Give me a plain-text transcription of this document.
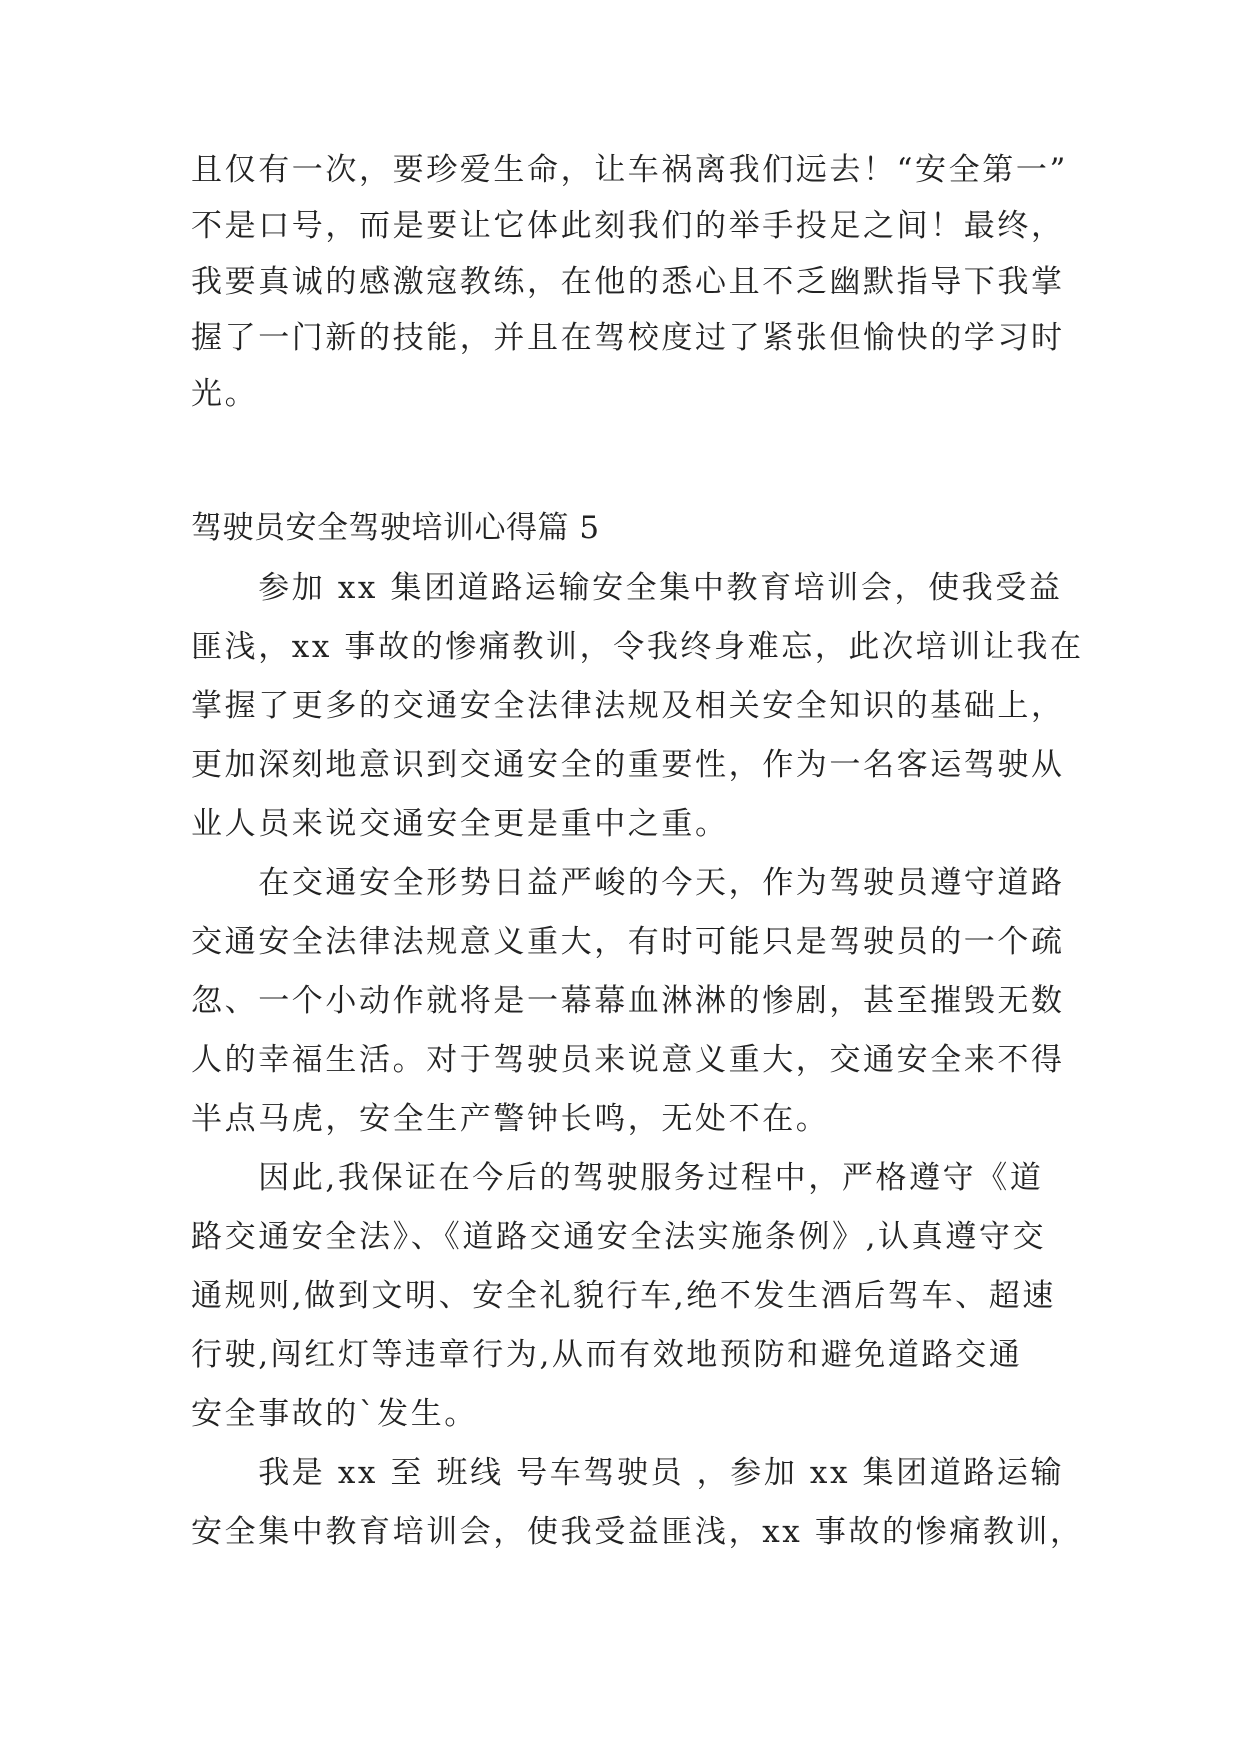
且仅有一次，要珍爱生命，让车祸离我们远去！“安全第一”
不是口号，而是要让它体此刻我们的举手投足之间！最终，
我要真诚的感激寇教练，在他的悉心且不乏幽默指导下我掌
握了一门新的技能，并且在驾校度过了紧张但愉快的学习时
光。
驾驶员安全驾驶培训心得篇 5
　　参加 xx 集团道路运输安全集中教育培训会，使我受益
匪浅，xx 事故的惨痛教训，令我终身难忘，此次培训让我在
掌握了更多的交通安全法律法规及相关安全知识的基础上，
更加深刻地意识到交通安全的重要性，作为一名客运驾驶从
业人员来说交通安全更是重中之重。
　　在交通安全形势日益严峻的今天，作为驾驶员遵守道路
交通安全法律法规意义重大，有时可能只是驾驶员的一个疏
忽、一个小动作就将是一幕幕血淋淋的惨剧，甚至摧毁无数
人的幸福生活。对于驾驶员来说意义重大，交通安全来不得
半点马虎，安全生产警钟长鸣，无处不在。
　　因此,我保证在今后的驾驶服务过程中，严格遵守《道
路交通安全法》、《道路交通安全法实施条例》,认真遵守交
通规则,做到文明、安全礼貌行车,绝不发生酒后驾车、超速
行驶,闯红灯等违章行为,从而有效地预防和避免道路交通
安全事故的`发生。
　　我是 xx 至 班线 号车驾驶员 ，参加 xx 集团道路运输
安全集中教育培训会，使我受益匪浅，xx 事故的惨痛教训，
